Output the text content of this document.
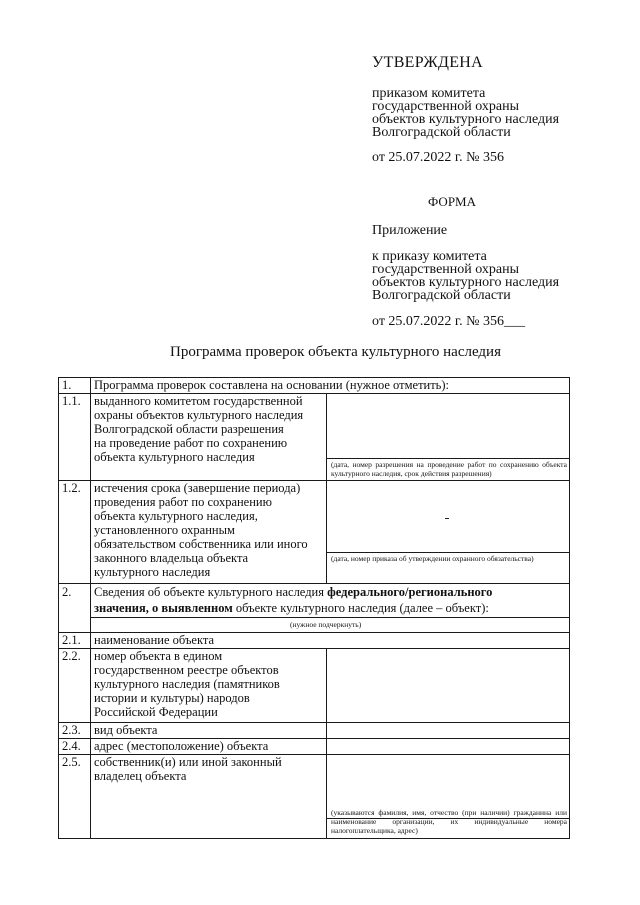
УТВЕРЖДЕНА
приказом комитета
государственной охраны
объектов культурного наследия
Волгоградской области
от 25.07.2022 г. № 356
ФОРМА
Приложение
к приказу комитета
государственной охраны
объектов культурного наследия
Волгоградской области
от 25.07.2022 г. № 356___
Программа проверок объекта культурного наследия
1. Программа проверок составлена на основании (нужное отметить):
1.1. выданного комитетом государственной
охраны объектов культурного наследия
Волгоградской области разрешения
на проведение работ по сохранению
объекта культурного наследия
(дата, номер разрешения на проведение работ по сохранению объекта культурного наследия, срок действия разрешения)
1.2. истечения срока (завершение периода)
проведения работ по сохранению
объекта культурного наследия,
установленного охранным
обязательством собственника или иного
законного владельца объекта
культурного наследия
(дата, номер приказа об утверждении охранного обязательства)
2. Сведения об объекте культурного наследия федерального/регионального
значения, о выявленном объекте культурного наследия (далее – объект):
(нужное подчеркнуть)
2.1. наименование объекта
2.2. номер объекта в едином
государственном реестре объектов
культурного наследия (памятников
истории и культуры) народов
Российской Федерации
2.3. вид объекта
2.4. адрес (местоположение) объекта
2.5. собственник(и) или иной законный
владелец объекта
(указываются фамилия, имя, отчество (при наличии) гражданина или наименование организации, их индивидуальные номера налогоплательщика, адрес)
